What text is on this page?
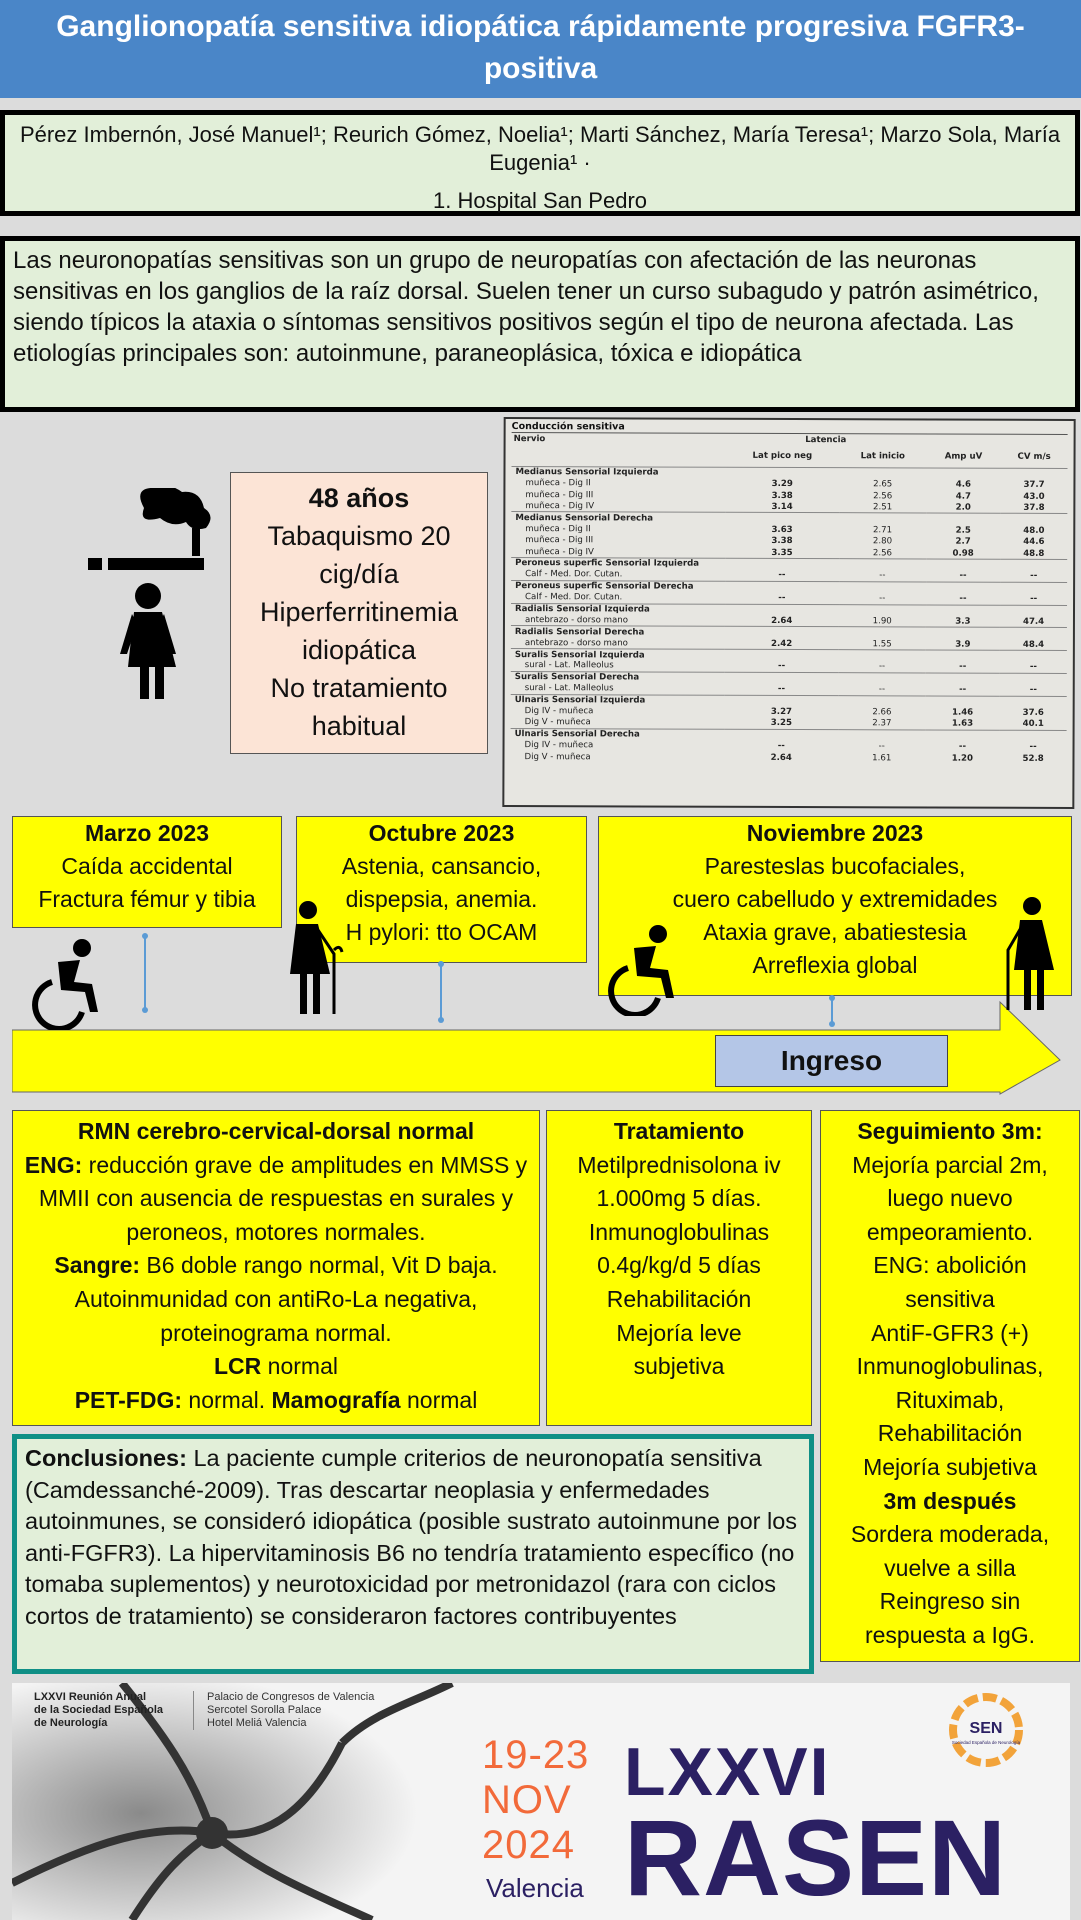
Ganglionopatía sensitiva idiopática rápidamente progresiva FGFR3-positiva
Pérez Imbernón, José Manuel¹; Reurich Gómez, Noelia¹; Marti Sánchez, María Teresa¹; Marzo Sola, María Eugenia¹ ·
1. Hospital San Pedro
Las neuronopatías sensitivas son un grupo de neuropatías con afectación de las neuronas sensitivas en los ganglios de la raíz dorsal. Suelen tener un curso subagudo y patrón asimétrico, siendo típicos la ataxia o síntomas sensitivos positivos según el tipo de neurona afectada. Las etiologías principales son: autoinmune, paraneoplásica, tóxica e idiopática
48 años
Tabaquismo 20 cig/día
Hiperferritinemia idiopática
No tratamiento habitual
Conducción sensitiva
Nervio	Latencia			
	Lat pico neg	Lat inicio	Amp uV	CV m/s
Medianus Sensorial Izquierda				
muñeca - Dig II	3.29	2.65	4.6	37.7
muñeca - Dig III	3.38	2.56	4.7	43.0
muñeca - Dig IV	3.14	2.51	2.0	37.8
Medianus Sensorial Derecha				
muñeca - Dig II	3.63	2.71	2.5	48.0
muñeca - Dig III	3.38	2.80	2.7	44.6
muñeca - Dig IV	3.35	2.56	0.98	48.8
Peroneus superfic Sensorial Izquierda				
Calf - Med. Dor. Cutan.	--	--	--	--
Peroneus superfic Sensorial Derecha				
Calf - Med. Dor. Cutan.	--	--	--	--
Radialis Sensorial Izquierda				
antebrazo - dorso mano	2.64	1.90	3.3	47.4
Radialis Sensorial Derecha				
antebrazo - dorso mano	2.42	1.55	3.9	48.4
Suralis Sensorial Izquierda				
sural - Lat. Malleolus	--	--	--	--
Suralis Sensorial Derecha				
sural - Lat. Malleolus	--	--	--	--
Ulnaris Sensorial Izquierda				
Dig IV - muñeca	3.27	2.66	1.46	37.6
Dig V - muñeca	3.25	2.37	1.63	40.1
Ulnaris Sensorial Derecha				
Dig IV - muñeca	--	--	--	--
Dig V - muñeca	2.64	1.61	1.20	52.8
Marzo 2023
Caída accidental
Fractura fémur y tibia
Octubre 2023
Astenia, cansancio,
dispepsia, anemia.
H pylori: tto OCAM
Noviembre 2023
Paresteslas bucofaciales,
cuero cabelludo y extremidades
Ataxia grave, abatiestesia
Arreflexia global
Ingreso
RMN cerebro-cervical-dorsal normal
ENG: reducción grave de amplitudes en MMSS y MMII con ausencia de respuestas en surales y peroneos, motores normales.
Sangre: B6 doble rango normal, Vit D baja.
Autoinmunidad con antiRo-La negativa, proteinograma normal.
LCR normal
PET-FDG: normal. Mamografía normal
Tratamiento
Metilprednisolona iv
1.000mg 5 días.
Inmunoglobulinas
0.4g/kg/d 5 días
Rehabilitación
Mejoría leve
subjetiva
Seguimiento 3m:
Mejoría parcial 2m,
luego nuevo
empeoramiento.
ENG: abolición
sensitiva
AntiF-GFR3 (+)
Inmunoglobulinas,
Rituximab,
Rehabilitación
Mejoría subjetiva
3m después
Sordera moderada,
vuelve a silla
Reingreso sin
respuesta a IgG.
Conclusiones: La paciente cumple criterios de neuronopatía sensitiva (Camdessanché-2009). Tras descartar neoplasia y enfermedades autoinmunes, se consideró idiopática (posible sustrato autoinmune por los anti-FGFR3). La hipervitaminosis B6 no tendría tratamiento específico (no tomaba suplementos) y neurotoxicidad por metronidazol (rara con ciclos cortos de tratamiento) se consideraron factores contribuyentes
LXXVI Reunión Anual
de la Sociedad Española
de Neurología
Palacio de Congresos de Valencia
Sercotel Sorolla Palace
Hotel Meliá Valencia
19-23
NOV
2024
Valencia
LXXVI
RASEN
SEN
Sociedad Española de Neurología
